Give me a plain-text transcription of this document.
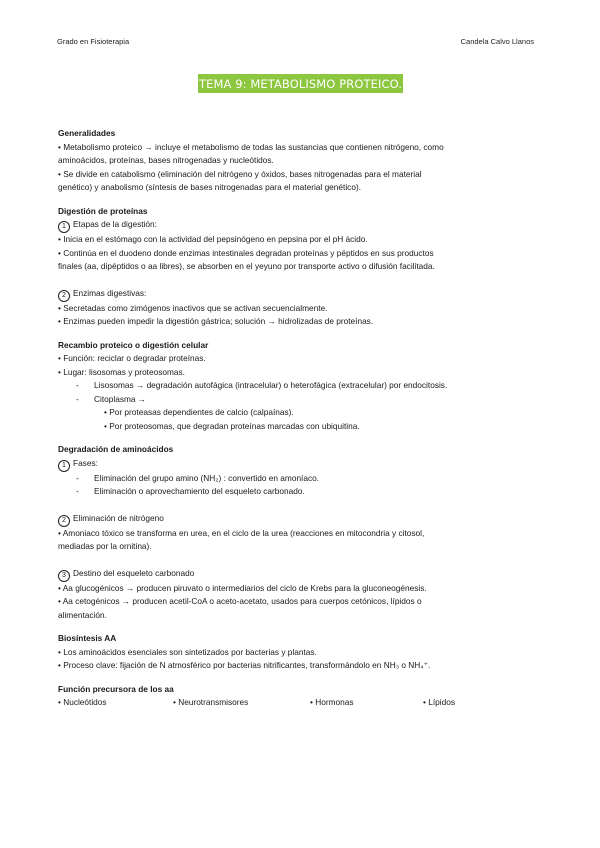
Grado en Fisioterapia	Candela Calvo Llanos
TEMA 9: METABOLISMO PROTEICO.
Generalidades
• Metabolismo proteico → incluye el metabolismo de todas las sustancias que contienen nitrógeno, como
aminoácidos, proteínas, bases nitrogenadas y nucleótidos.
• Se divide en catabolismo (eliminación del nitrógeno y óxidos, bases nitrogenadas para el material
genético) y anabolismo (síntesis de bases nitrogenadas para el material genético).
Digestión de proteínas
1 Etapas de la digestión:
• Inicia en el estómago con la actividad del pepsinógeno en pepsina por el pH ácido.
• Continúa en el duodeno donde enzimas intestinales degradan proteínas y péptidos en sus productos
finales (aa, dipéptidos o aa libres), se absorben en el yeyuno por transporte activo o difusión facilitada.
2 Enzimas digestivas:
• Secretadas como zimógenos inactivos que se activan secuencialmente.
• Enzimas pueden impedir la digestión gástrica; solución → hidrolizadas de proteínas.
Recambio proteico o digestión celular
• Función: reciclar o degradar proteínas.
• Lugar: lisosomas y proteosomas.
- Lisosomas → degradación autofágica (intracelular) o heterofágica (extracelular) por endocitosis.
- Citoplasma →
• Por proteasas dependientes de calcio (calpaínas).
• Por proteosomas, que degradan proteínas marcadas con ubiquitina.
Degradación de aminoácidos
1 Fases:
- Eliminación del grupo amino (NH₂) : convertido en amoníaco.
- Eliminación o aprovechamiento del esqueleto carbonado.
2 Eliminación de nitrógeno
• Amoniaco tóxico se transforma en urea, en el ciclo de la urea (reacciones en mitocondria y citosol,
mediadas por la ornitina).
3 Destino del esqueleto carbonado
• Aa glucogénicos → producen piruvato o intermediarios del ciclo de Krebs para la gluconeogénesis.
• Aa cetogénicos → producen acetil-CoA o aceto-acetato, usados para cuerpos cetónicos, lípidos o
alimentación.
Biosíntesis AA
• Los aminoácidos esenciales son sintetizados por bacterias y plantas.
• Proceso clave: fijación de N atmosférico por bacterias nitrificantes, transformándolo en NH₃ o NH₄⁺.
Función precursora de los aa
• Nucleótidos	• Neurotransmisores	• Hormonas	• Lípidos
